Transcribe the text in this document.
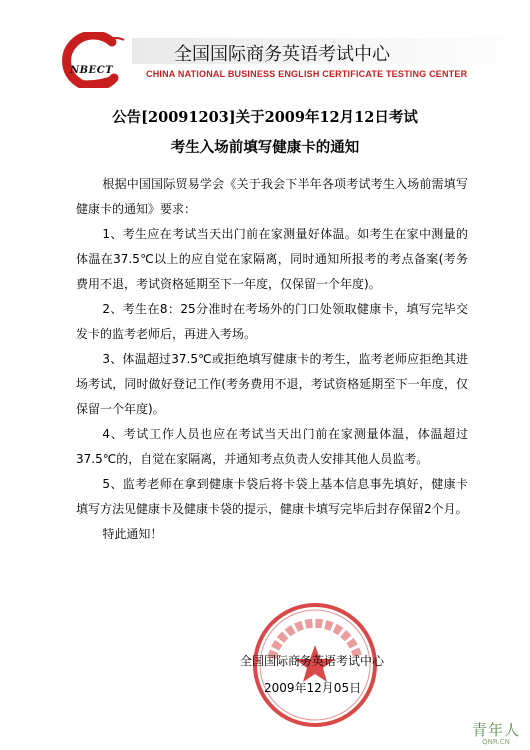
NBECT
全国国际商务英语考试中心
CHINA NATIONAL BUSINESS ENGLISH CERTIFICATE TESTING CENTER
公告[20091203]关于2009年12月12日考试
考生入场前填写健康卡的通知

根据中国国际贸易学会《关于我会下半年各项考试考生入场前需填写健康卡的通知》要求：

1、考生应在考试当天出门前在家测量好体温。如考生在家中测量的体温在37.5℃以上的应自觉在家隔离，同时通知所报考的考点备案(考务费用不退，考试资格延期至下一年度，仅保留一个年度)。

2、考生在8：25分准时在考场外的门口处领取健康卡，填写完毕交发卡的监考老师后，再进入考场。

3、体温超过37.5℃或拒绝填写健康卡的考生，监考老师应拒绝其进场考试，同时做好登记工作(考务费用不退，考试资格延期至下一年度，仅保留一个年度)。

4、考试工作人员也应在考试当天出门前在家测量体温，体温超过37.5℃的，自觉在家隔离，并通知考点负责人安排其他人员监考。

5、监考老师在拿到健康卡袋后将卡袋上基本信息事先填好，健康卡填写方法见健康卡及健康卡袋的提示，健康卡填写完毕后封存保留2个月。

特此通知！

全国国际商务英语考试中心
2009年12月05日
青年人
QNR.CN
